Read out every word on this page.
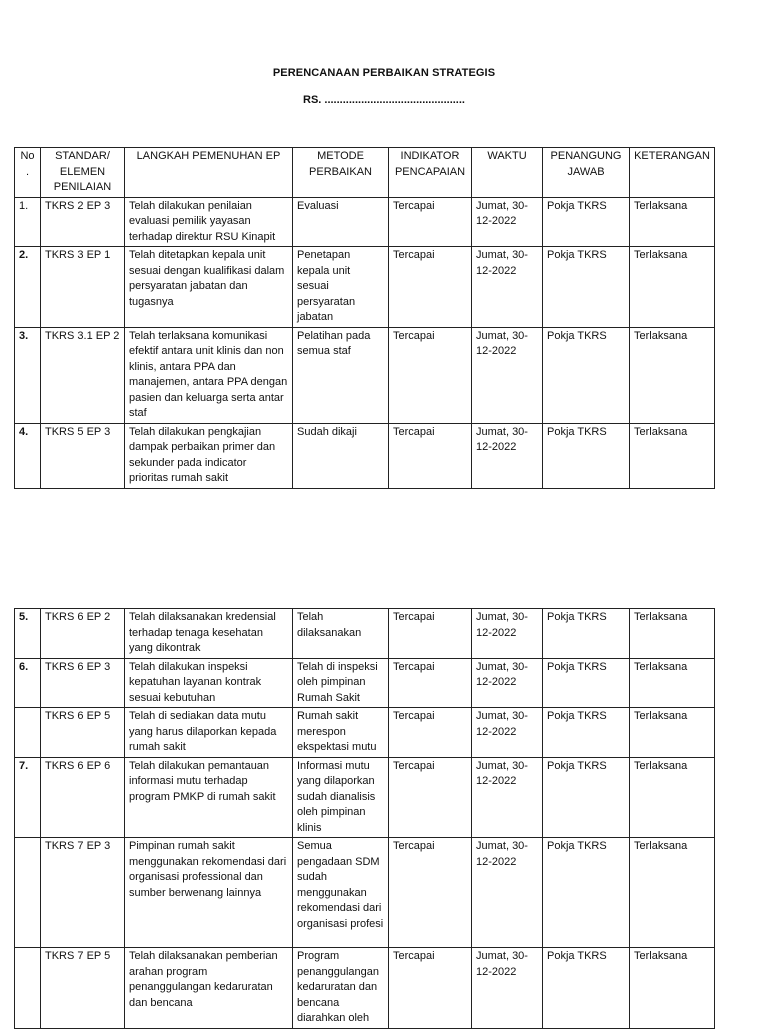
PERENCANAAN PERBAIKAN STRATEGIS
RS. ..............................................
No .	STANDAR/ ELEMEN PENILAIAN	LANGKAH PEMENUHAN EP	METODE PERBAIKAN	INDIKATOR PENCAPAIAN	WAKTU	PENANGUNG JAWAB	KETERANGAN
1.	TKRS 2 EP 3	Telah dilakukan penilaian evaluasi pemilik yayasan terhadap direktur RSU Kinapit	Evaluasi	Tercapai	Jumat, 30-12-2022	Pokja TKRS	Terlaksana
2.	TKRS 3 EP 1	Telah ditetapkan kepala unit sesuai dengan kualifikasi dalam persyaratan jabatan dan tugasnya	Penetapan kepala unit sesuai persyaratan jabatan	Tercapai	Jumat, 30-12-2022	Pokja TKRS	Terlaksana
3.	TKRS 3.1 EP 2	Telah terlaksana komunikasi efektif antara unit klinis dan non klinis, antara PPA dan manajemen, antara PPA dengan pasien dan keluarga serta antar staf	Pelatihan pada semua staf	Tercapai	Jumat, 30-12-2022	Pokja TKRS	Terlaksana
4.	TKRS 5 EP 3	Telah dilakukan pengkajian dampak perbaikan primer dan sekunder pada indicator prioritas rumah sakit	Sudah dikaji	Tercapai	Jumat, 30-12-2022	Pokja TKRS	Terlaksana
5.	TKRS 6 EP 2	Telah dilaksanakan kredensial terhadap tenaga kesehatan yang dikontrak	Telah dilaksanakan	Tercapai	Jumat, 30-12-2022	Pokja TKRS	Terlaksana
6.	TKRS 6 EP 3	Telah dilakukan inspeksi kepatuhan layanan kontrak sesuai kebutuhan	Telah di inspeksi oleh pimpinan Rumah Sakit	Tercapai	Jumat, 30-12-2022	Pokja TKRS	Terlaksana
	TKRS 6 EP 5	Telah di sediakan data mutu yang harus dilaporkan kepada rumah sakit	Rumah sakit merespon ekspektasi mutu	Tercapai	Jumat, 30-12-2022	Pokja TKRS	Terlaksana
7.	TKRS 6 EP 6	Telah dilakukan pemantauan informasi mutu terhadap program PMKP di rumah sakit	Informasi mutu yang dilaporkan sudah dianalisis oleh pimpinan klinis	Tercapai	Jumat, 30-12-2022	Pokja TKRS	Terlaksana
	TKRS 7 EP 3	Pimpinan rumah sakit menggunakan rekomendasi dari organisasi professional dan sumber berwenang lainnya	Semua pengadaan SDM sudah menggunakan rekomendasi dari organisasi profesi	Tercapai	Jumat, 30-12-2022	Pokja TKRS	Terlaksana
	TKRS 7 EP 5	Telah dilaksanakan pemberian arahan program penanggulangan kedaruratan dan bencana	Program penanggulangan kedaruratan dan bencana diarahkan oleh	Tercapai	Jumat, 30-12-2022	Pokja TKRS	Terlaksana
